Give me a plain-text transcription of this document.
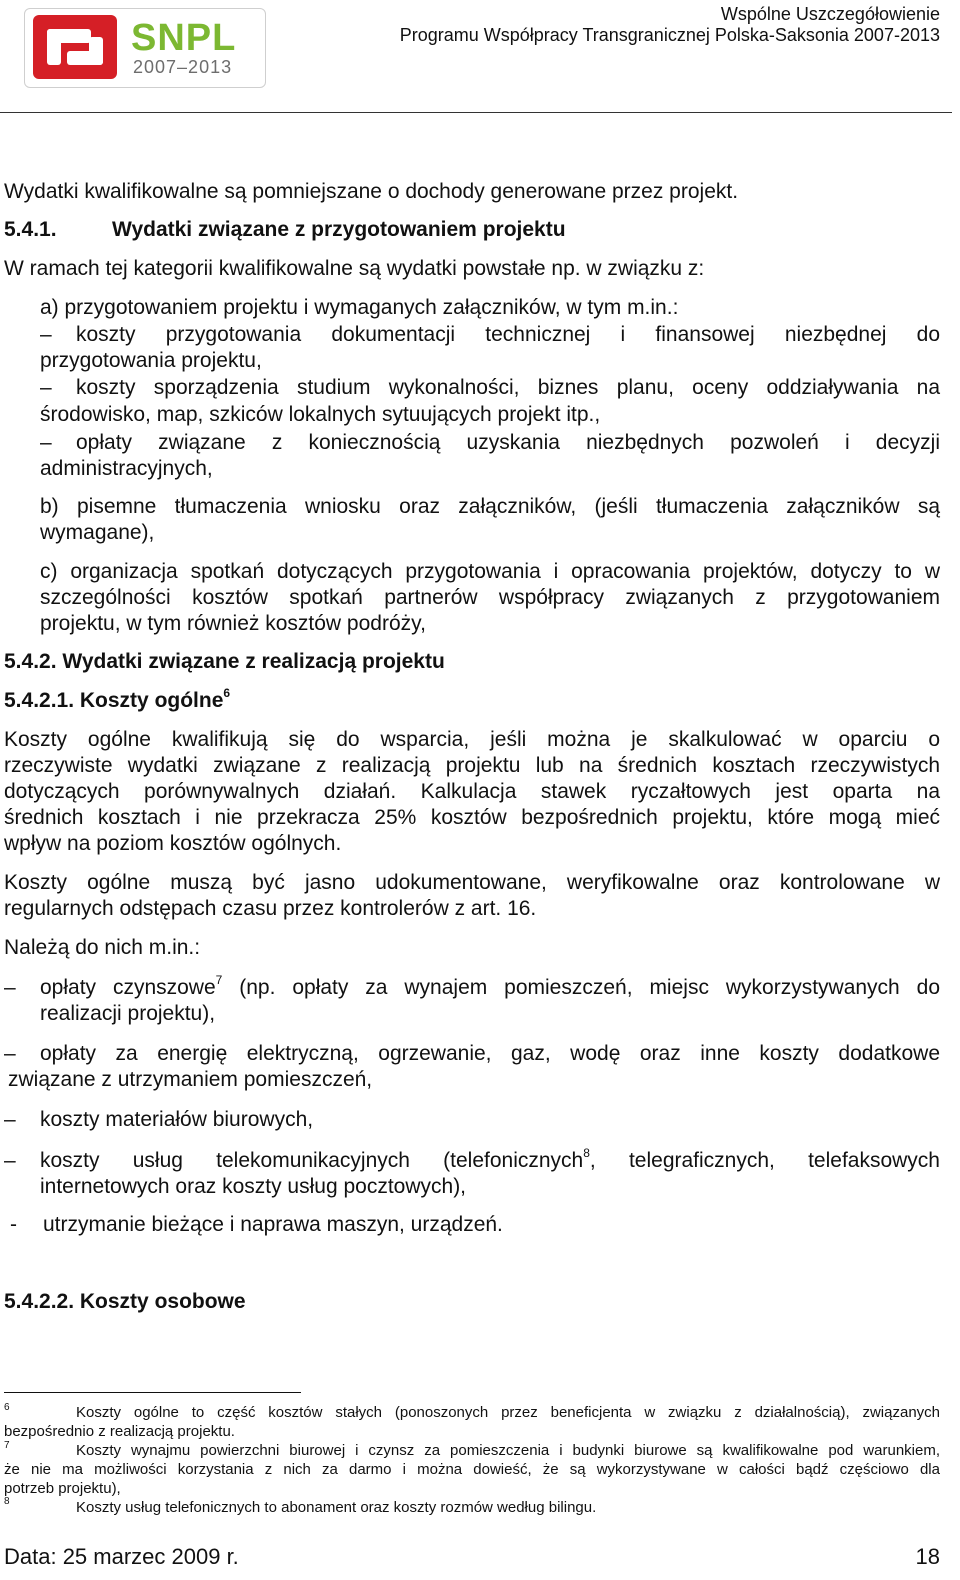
SNPL
2007–2013
Wspólne Uszczegółowienie
Programu Współpracy Transgranicznej Polska-Saksonia 2007-2013
Wydatki kwalifikowalne są pomniejszane o dochody generowane przez projekt.
5.4.1.	Wydatki związane z przygotowaniem projektu
W ramach tej kategorii kwalifikowalne są wydatki powstałe np. w związku z:
a) przygotowaniem projektu i wymaganych załączników, w tym m.in.:
– koszty przygotowania dokumentacji technicznej i finansowej niezbędnej do
przygotowania projektu,
– koszty sporządzenia studium wykonalności, biznes planu, oceny oddziaływania na
środowisko, map, szkiców lokalnych sytuujących projekt itp.,
– opłaty związane z koniecznością uzyskania niezbędnych pozwoleń i decyzji
administracyjnych,
b) pisemne tłumaczenia wniosku oraz załączników, (jeśli tłumaczenia załączników są
wymagane),
c) organizacja spotkań dotyczących przygotowania i opracowania projektów, dotyczy to w
szczególności kosztów spotkań partnerów współpracy związanych z przygotowaniem
projektu, w tym również kosztów podróży,
5.4.2. Wydatki związane z realizacją projektu
5.4.2.1. Koszty ogólne$^6$
Koszty ogólne kwalifikują się do wsparcia, jeśli można je skalkulować w oparciu o
rzeczywiste wydatki związane z realizacją projektu lub na średnich kosztach rzeczywistych
dotyczących porównywalnych działań. Kalkulacja stawek ryczałtowych jest oparta na
średnich kosztach i nie przekracza 25% kosztów bezpośrednich projektu, które mogą mieć
wpływ na poziom kosztów ogólnych.
Koszty ogólne muszą być jasno udokumentowane, weryfikowalne oraz kontrolowane w
regularnych odstępach czasu przez kontrolerów z art. 16.
Należą do nich m.in.:
– opłaty czynszowe$^7$ (np. opłaty za wynajem pomieszczeń, miejsc wykorzystywanych do
realizacji projektu),
– opłaty za energię elektryczną, ogrzewanie, gaz, wodę oraz inne koszty dodatkowe
związane z utrzymaniem pomieszczeń,
– koszty materiałów biurowych,
– koszty usług telekomunikacyjnych (telefonicznych$^8$, telegraficznych, telefaksowych
internetowych oraz koszty usług pocztowych),
- utrzymanie bieżące i naprawa maszyn, urządzeń.
5.4.2.2. Koszty osobowe
6	Koszty ogólne to część kosztów stałych (ponoszonych przez beneficjenta w związku z działalnością), związanych
bezpośrednio z realizacją projektu.
7	Koszty wynajmu powierzchni biurowej i czynsz za pomieszczenia i budynki biurowe są kwalifikowalne pod warunkiem,
że nie ma możliwości korzystania z nich za darmo i można dowieść, że są wykorzystywane w całości bądź częściowo dla
potrzeb projektu),
8	Koszty usług telefonicznych to abonament oraz koszty rozmów według bilingu.
Data: 25 marzec 2009 r.	18
